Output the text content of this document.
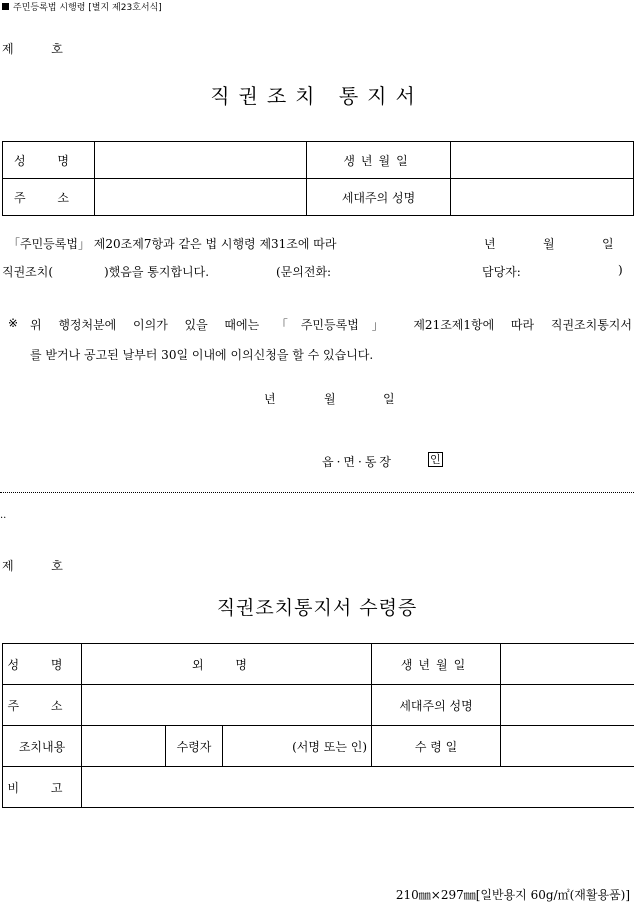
주민등록법 시행령 [별지 제23호서식]
제	호
직권조치 통지서
성 명		생년월일	
주 소		세대주의 성명	
「주민등록법」 제20조제7항과 같은 법 시행령 제31조에 따라	년	월	일
직권조치(	)했음을 통지합니다.	(문의전화:	담당자:	)
※ 위 행정처분에 이의가 있을 때에는 「주민등록법」 제21조제1항에 따라 직권조치통지서
를 받거나 공고된 날부터 30일 이내에 이의신청을 할 수 있습니다.
년	월	일
읍·면·동장	인
..
제	호
직권조치통지서 수령증
성 명	외 명			생년월일	
주 소				세대주의 성명	
조치내용		수령자	(서명 또는 인)	수 령 일	
비 고					
210㎜×297㎜[일반용지 60g/㎡(재활용품)]
